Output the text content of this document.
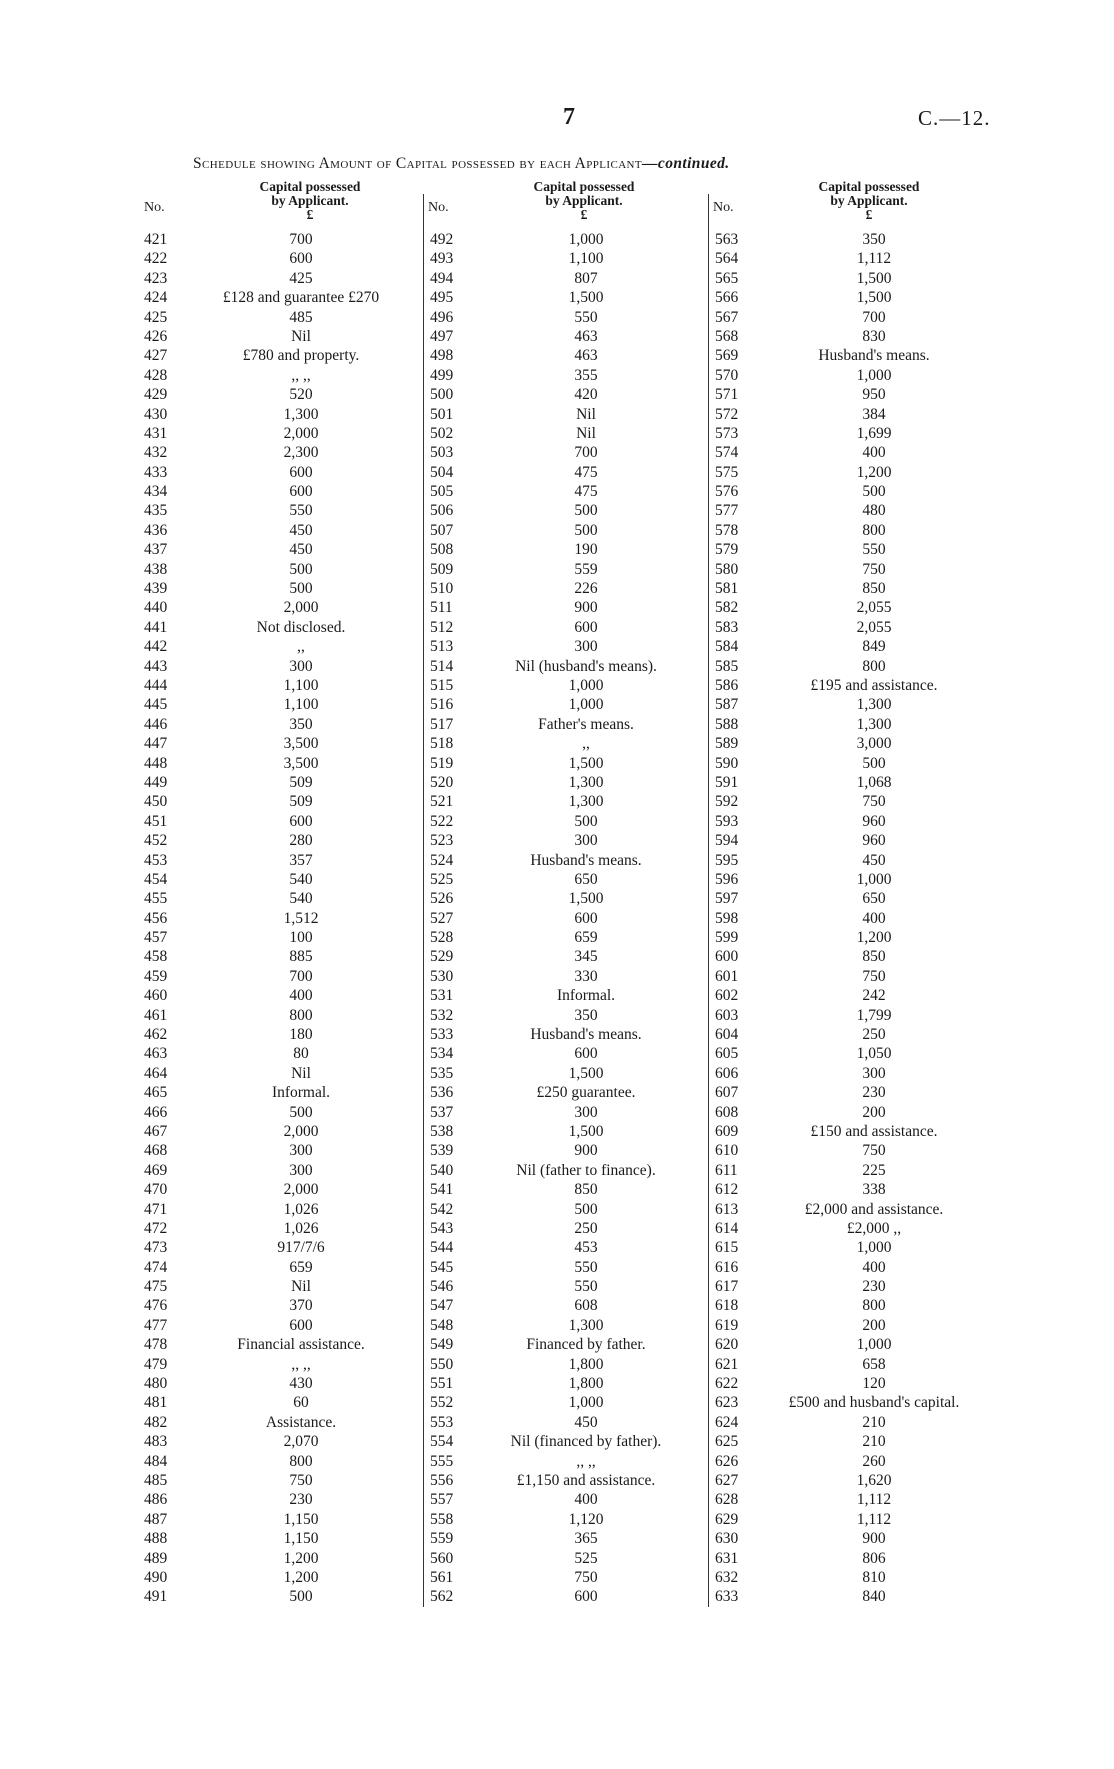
7	C.—12.
Schedule showing Amount of Capital possessed by each Applicant—continued.
No.
Capital possessed
by Applicant.
£
421	700
422	600
423	425
424	£128 and guarantee £270
425	485
426	Nil
427	£780 and property.
428	,, ,,
429	520
430	1,300
431	2,000
432	2,300
433	600
434	600
435	550
436	450
437	450
438	500
439	500
440	2,000
441	Not disclosed.
442	,,
443	300
444	1,100
445	1,100
446	350
447	3,500
448	3,500
449	509
450	509
451	600
452	280
453	357
454	540
455	540
456	1,512
457	100
458	885
459	700
460	400
461	800
462	180
463	80
464	Nil
465	Informal.
466	500
467	2,000
468	300
469	300
470	2,000
471	1,026
472	1,026
473	917/7/6
474	659
475	Nil
476	370
477	600
478	Financial assistance.
479	,, ,,
480	430
481	60
482	Assistance.
483	2,070
484	800
485	750
486	230
487	1,150
488	1,150
489	1,200
490	1,200
491	500
No.
Capital possessed
by Applicant.
£
492	1,000
493	1,100
494	807
495	1,500
496	550
497	463
498	463
499	355
500	420
501	Nil
502	Nil
503	700
504	475
505	475
506	500
507	500
508	190
509	559
510	226
511	900
512	600
513	300
514	Nil (husband's means).
515	1,000
516	1,000
517	Father's means.
518	,,
519	1,500
520	1,300
521	1,300
522	500
523	300
524	Husband's means.
525	650
526	1,500
527	600
528	659
529	345
530	330
531	Informal.
532	350
533	Husband's means.
534	600
535	1,500
536	£250 guarantee.
537	300
538	1,500
539	900
540	Nil (father to finance).
541	850
542	500
543	250
544	453
545	550
546	550
547	608
548	1,300
549	Financed by father.
550	1,800
551	1,800
552	1,000
553	450
554	Nil (financed by father).
555	,, ,,
556	£1,150 and assistance.
557	400
558	1,120
559	365
560	525
561	750
562	600
No.
Capital possessed
by Applicant.
£
563	350
564	1,112
565	1,500
566	1,500
567	700
568	830
569	Husband's means.
570	1,000
571	950
572	384
573	1,699
574	400
575	1,200
576	500
577	480
578	800
579	550
580	750
581	850
582	2,055
583	2,055
584	849
585	800
586	£195 and assistance.
587	1,300
588	1,300
589	3,000
590	500
591	1,068
592	750
593	960
594	960
595	450
596	1,000
597	650
598	400
599	1,200
600	850
601	750
602	242
603	1,799
604	250
605	1,050
606	300
607	230
608	200
609	£150 and assistance.
610	750
611	225
612	338
613	£2,000 and assistance.
614	£2,000 ,,
615	1,000
616	400
617	230
618	800
619	200
620	1,000
621	658
622	120
623	£500 and husband's capital.
624	210
625	210
626	260
627	1,620
628	1,112
629	1,112
630	900
631	806
632	810
633	840
